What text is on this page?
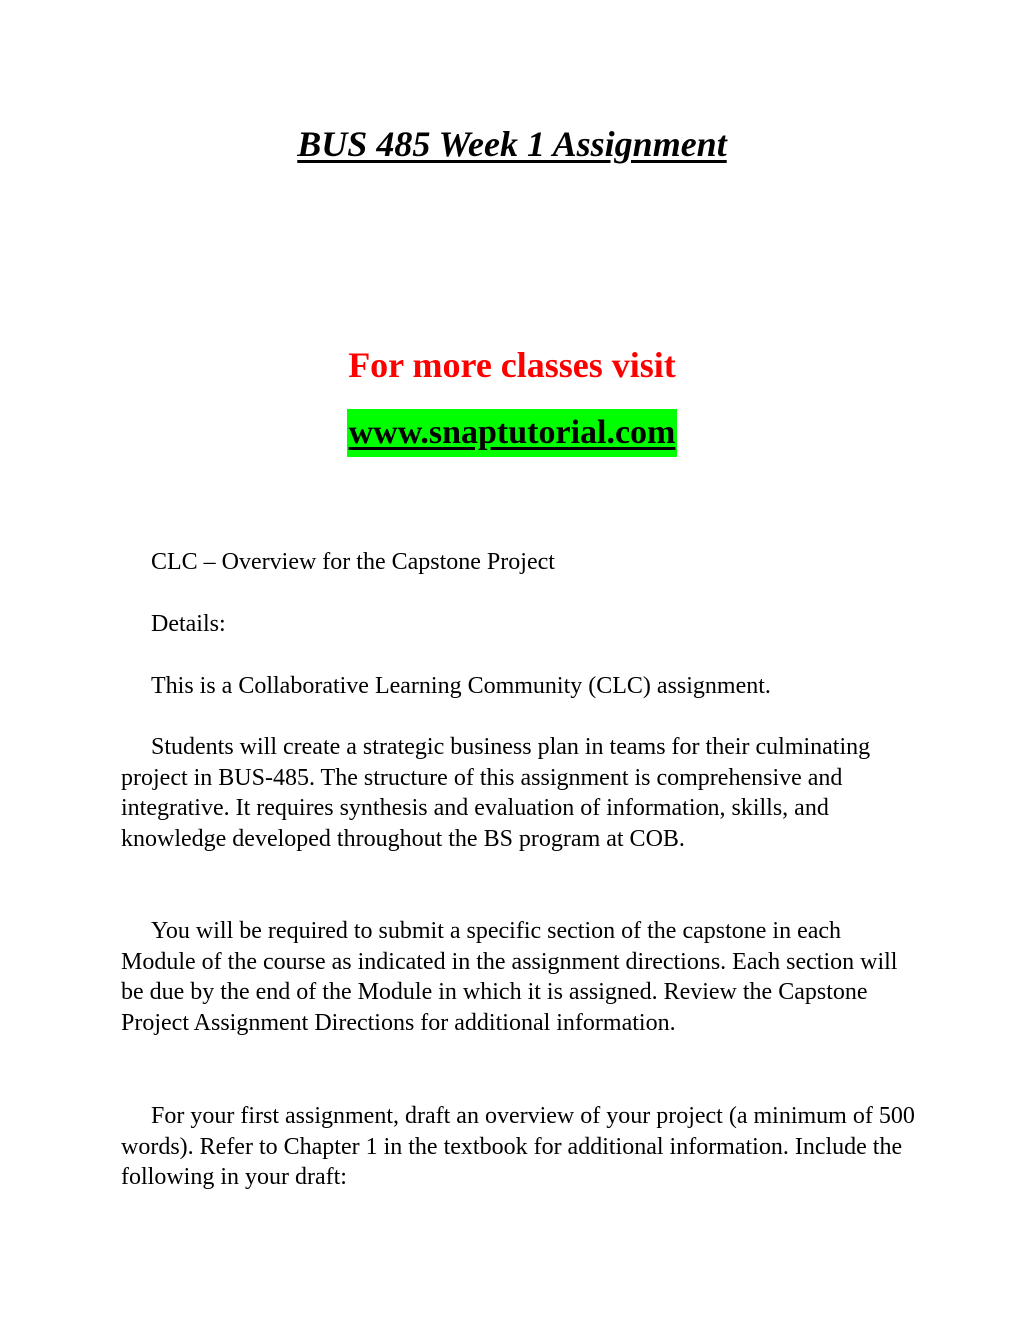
BUS 485 Week 1 Assignment
For more classes visit
www.snaptutorial.com

CLC – Overview for the Capstone Project

Details:

This is a Collaborative Learning Community (CLC) assignment.

Students will create a strategic business plan in teams for their culminating project in BUS-485. The structure of this assignment is comprehensive and integrative. It requires synthesis and evaluation of information, skills, and knowledge developed throughout the BS program at COB.

You will be required to submit a specific section of the capstone in each Module of the course as indicated in the assignment directions. Each section will be due by the end of the Module in which it is assigned. Review the Capstone Project Assignment Directions for additional information.

For your first assignment, draft an overview of your project (a minimum of 500 words). Refer to Chapter 1 in the textbook for additional information. Include the following in your draft:
